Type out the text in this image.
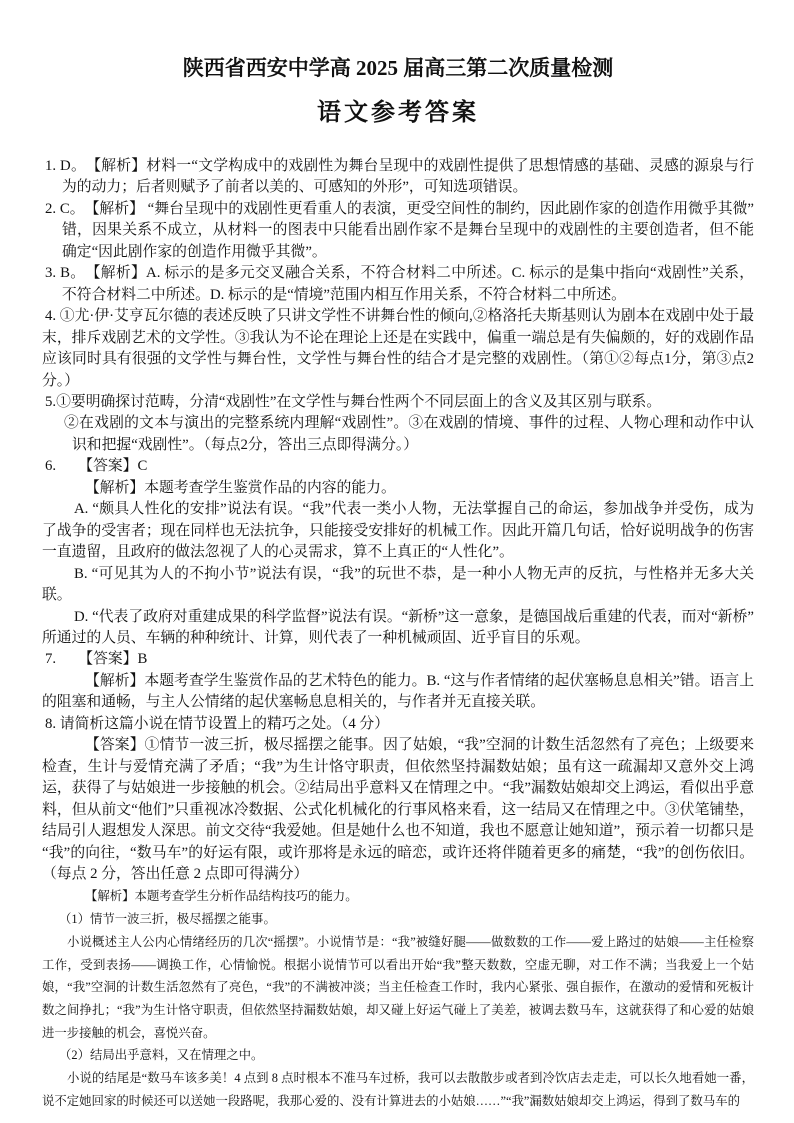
陕西省西安中学高 2025 届高三第二次质量检测
语文参考答案

1. D。　【解析】材料一“文学构成中的戏剧性为舞台呈现中的戏剧性提供了思想情感的基础、灵感的源泉与行为的动力；后者则赋予了前者以美的、可感知的外形”，可知选项错误。

2. C。　【解析】 “舞台呈现中的戏剧性更看重人的表演，更受空间性的制约，因此剧作家的创造作用微乎其微”错，因果关系不成立，从材料一的图表中只能看出剧作家不是舞台呈现中的戏剧性的主要创造者，但不能确定“因此剧作家的创造作用微乎其微”。

3. B。　【解析】A. 标示的是多元交叉融合关系，不符合材料二中所述。C. 标示的是集中指向“戏剧性”关系，不符合材料二中所述。D. 标示的是“情境”范围内相互作用关系，不符合材料二中所述。

4. ①尤·伊·艾亨瓦尔德的表述反映了只讲文学性不讲舞台性的倾向,②格洛托夫斯基则认为剧本在戏剧中处于最末，排斥戏剧艺术的文学性。③我认为不论在理论上还是在实践中，偏重一端总是有失偏颇的，好的戏剧作品应该同时具有很强的文学性与舞台性，文学性与舞台性的结合才是完整的戏剧性。（第①②每点1分，第③点2分。）

5.①要明确探讨范畴，分清“戏剧性”在文学性与舞台性两个不同层面上的含义及其区别与联系。

②在戏剧的文本与演出的完整系统内理解“戏剧性”。③在戏剧的情境、事件的过程、人物心理和动作中认识和把握“戏剧性”。（每点2分，答出三点即得满分。）

6.　　【答案】C

【解析】本题考查学生鉴赏作品的内容的能力。

A. “颇具人性化的安排”说法有误。“我”代表一类小人物，无法掌握自己的命运，参加战争并受伤，成为了战争的受害者；现在同样也无法抗争，只能接受安排好的机械工作。因此开篇几句话，恰好说明战争的伤害一直遗留，且政府的做法忽视了人的心灵需求，算不上真正的“人性化”。

B. “可见其为人的不拘小节”说法有误，“我”的玩世不恭，是一种小人物无声的反抗，与性格并无多大关联。

D. “代表了政府对重建成果的科学监督”说法有误。“新桥”这一意象，是德国战后重建的代表，而对“新桥”所通过的人员、车辆的种种统计、计算，则代表了一种机械顽固、近乎盲目的乐观。

7.　　【答案】B

【解析】本题考查学生鉴赏作品的艺术特色的能力。B. “这与作者情绪的起伏塞畅息息相关”错。语言上的阻塞和通畅，与主人公情绪的起伏塞畅息息相关的，与作者并无直接关联。

8. 请简析这篇小说在情节设置上的精巧之处。（4 分）

【答案】①情节一波三折，极尽摇摆之能事。因了姑娘，“我”空洞的计数生活忽然有了亮色；上级要来检查，生计与爱情充满了矛盾；“我”为生计恪守职责，但依然坚持漏数姑娘；虽有这一疏漏却又意外交上鸿运，获得了与姑娘进一步接触的机会。②结局出乎意料又在情理之中。“我”漏数姑娘却交上鸿运，看似出乎意料，但从前文“他们”只重视冰冷数据、公式化机械化的行事风格来看，这一结局又在情理之中。③伏笔铺垫，结局引人遐想发人深思。前文交待“我爱她。但是她什么也不知道，我也不愿意让她知道”，预示着一切都只是“我”的向往，“数马车”的好运有限，或许那将是永远的暗恋，或许还将伴随着更多的痛楚，“我”的创伤依旧。（每点 2 分，答出任意 2 点即可得满分）

【解析】本题考查学生分析作品结构技巧的能力。

（1）情节一波三折，极尽摇摆之能事。

小说概述主人公内心情绪经历的几次“摇摆”。小说情节是：“我”被缝好腿——做数数的工作——爱上路过的姑娘——主任检察工作，受到表扬——调换工作，心情愉悦。根据小说情节可以看出开始“我”整天数数，空虚无聊，对工作不满；当我爱上一个姑娘，“我”空洞的计数生活忽然有了亮色，“我”的不满被冲淡；当主任检查工作时，我内心紧张、强自振作，在激动的爱情和死板计数之间挣扎；“我”为生计恪守职责，但依然坚持漏数姑娘，却又碰上好运气碰上了美差，被调去数马车，这就获得了和心爱的姑娘进一步接触的机会，喜悦兴奋。

（2）结局出乎意料，又在情理之中。

小说的结尾是“数马车该多美！4 点到 8 点时根本不准马车过桥，我可以去散散步或者到冷饮店去走走，可以长久地看她一番，说不定她回家的时候还可以送她一段路呢，我那心爱的、没有计算进去的小姑娘……”“我”漏数姑娘却交上鸿运，得到了数马车的
